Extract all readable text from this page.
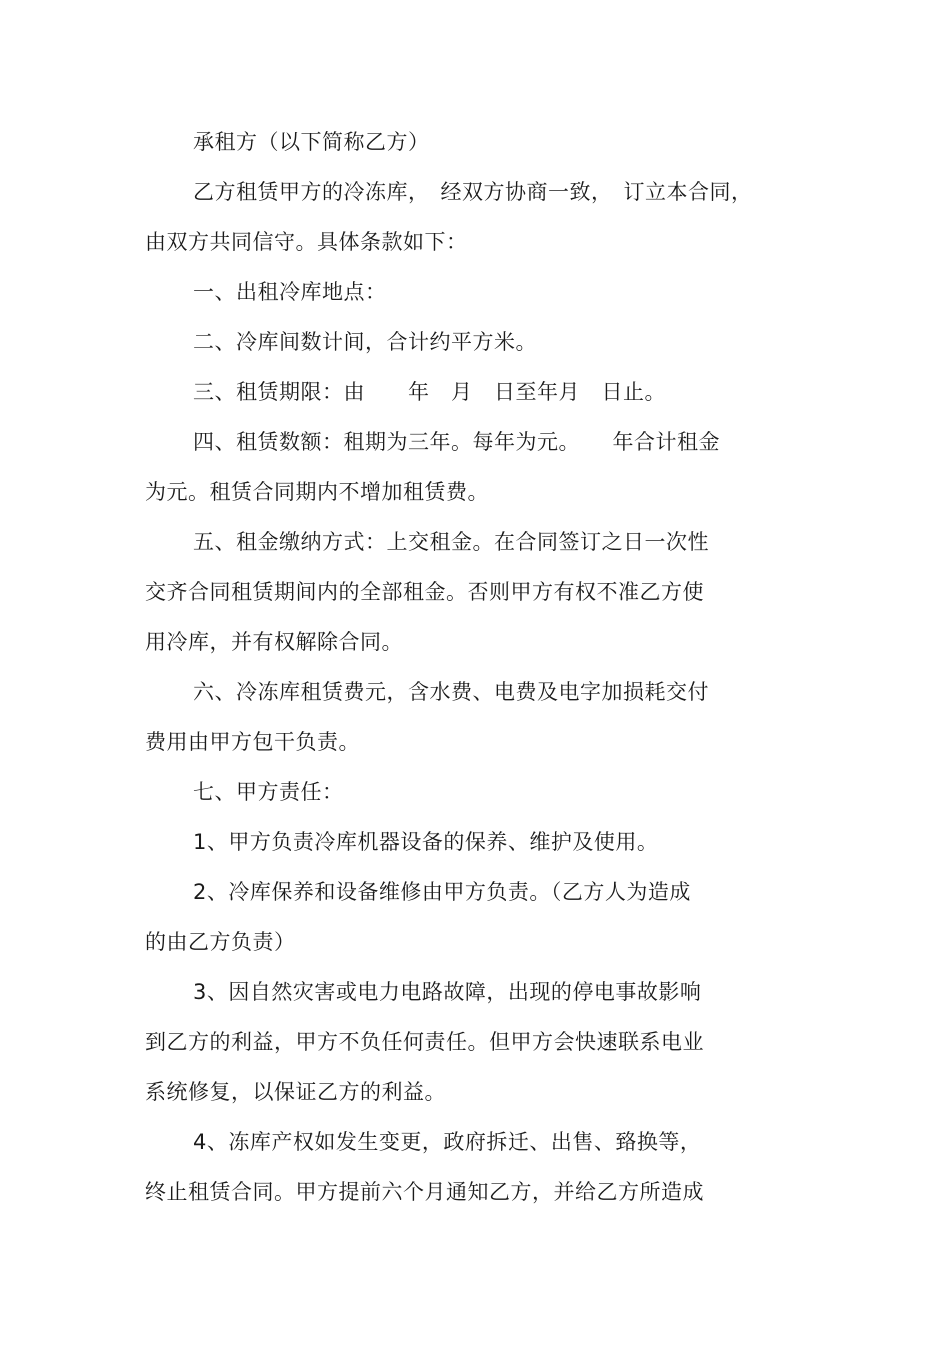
承租方（以下简称乙方）
乙方租赁甲方的冷冻库，　经双方协商一致，　订立本合同，
由双方共同信守。具体条款如下：
一、出租冷库地点：
二、冷库间数计间，合计约平方米。
三、租赁期限：由　　年　月　日至年月　日止。
四、租赁数额：租期为三年。每年为元。　　年合计租金
为元。租赁合同期内不增加租赁费。
五、租金缴纳方式：上交租金。在合同签订之日一次性
交齐合同租赁期间内的全部租金。否则甲方有权不准乙方使
用冷库，并有权解除合同。
六、冷冻库租赁费元，含水费、电费及电字加损耗交付
费用由甲方包干负责。
七、甲方责任：
1、甲方负责冷库机器设备的保养、维护及使用。
2、冷库保养和设备维修由甲方负责。（乙方人为造成
的由乙方负责）
3、因自然灾害或电力电路故障，出现的停电事故影响
到乙方的利益，甲方不负任何责任。但甲方会快速联系电业
系统修复，以保证乙方的利益。
4、冻库产权如发生变更，政府拆迁、出售、臵换等，
终止租赁合同。甲方提前六个月通知乙方，并给乙方所造成
